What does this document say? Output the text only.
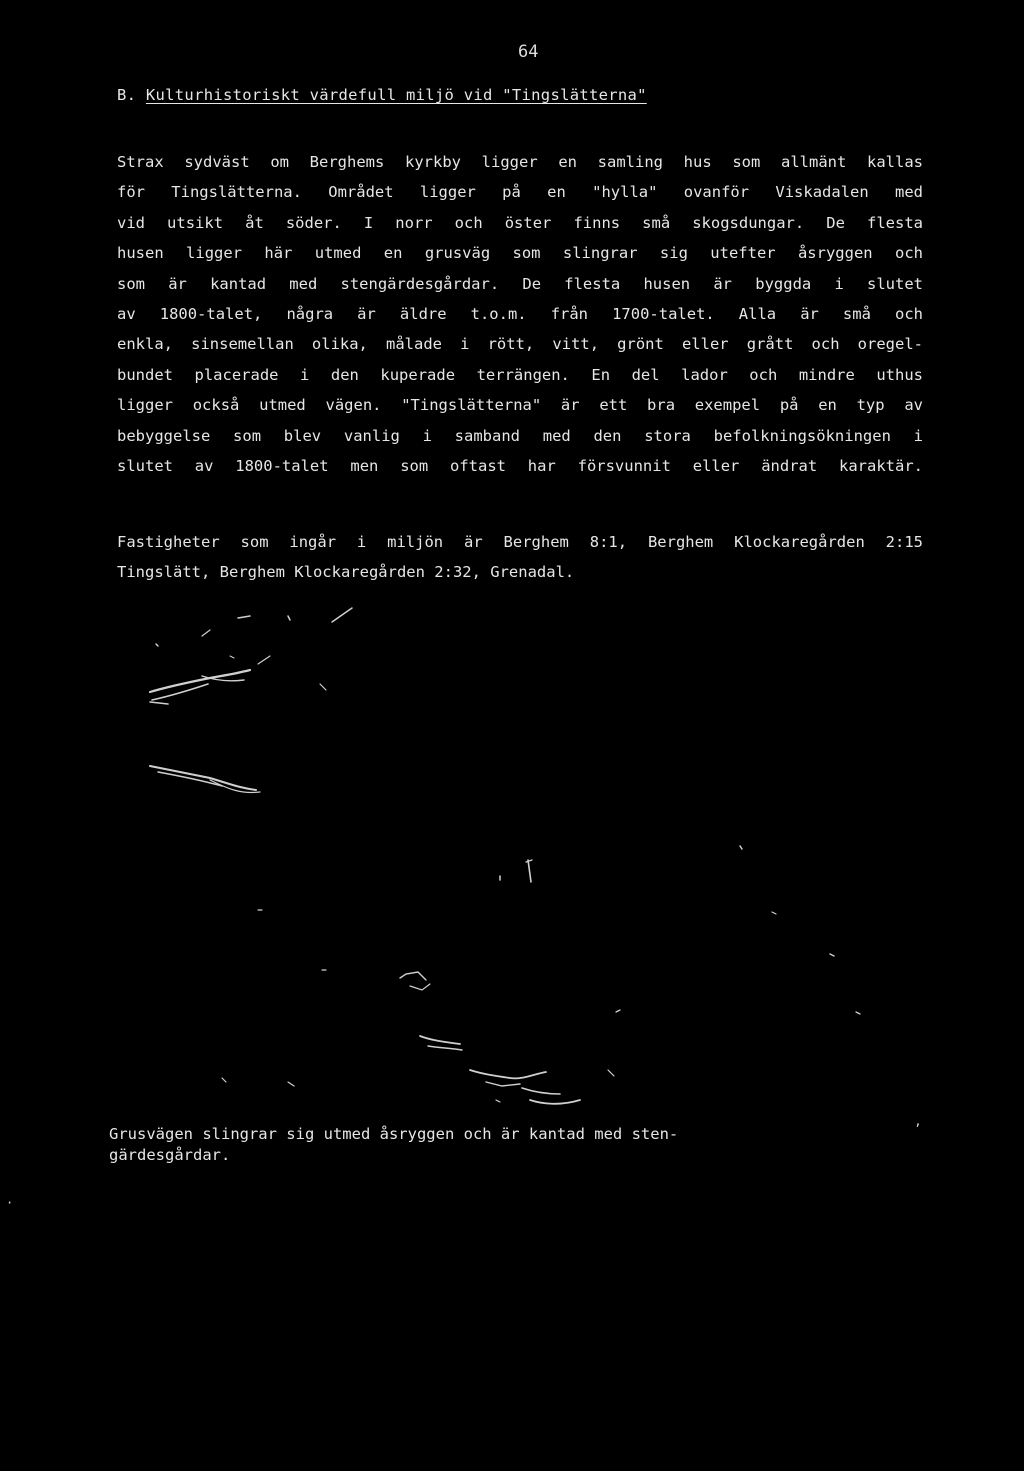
64
B. Kulturhistoriskt värdefull miljö vid "Tingslätterna"
Strax sydväst om Berghems kyrkby ligger en samling hus som allmänt kallas
för Tingslätterna. Området ligger på en "hylla" ovanför Viskadalen med
vid utsikt åt söder. I norr och öster finns små skogsdungar. De flesta
husen ligger här utmed en grusväg som slingrar sig utefter åsryggen och
som är kantad med stengärdesgårdar. De flesta husen är byggda i slutet
av 1800-talet, några är äldre t.o.m. från 1700-talet. Alla är små och
enkla, sinsemellan olika, målade i rött, vitt, grönt eller grått och oregel-
bundet placerade i den kuperade terrängen. En del lador och mindre uthus
ligger också utmed vägen. "Tingslätterna" är ett bra exempel på en typ av
bebyggelse som blev vanlig i samband med den stora befolkningsökningen i
slutet av 1800-talet men som oftast har försvunnit eller ändrat karaktär.
Fastigheter som ingår i miljön är Berghem 8:1, Berghem Klockaregården 2:15
Tingslätt, Berghem Klockaregården 2:32, Grenadal.
Grusvägen slingrar sig utmed åsryggen och är kantad med sten-
gärdesgårdar.
ʼ
·
